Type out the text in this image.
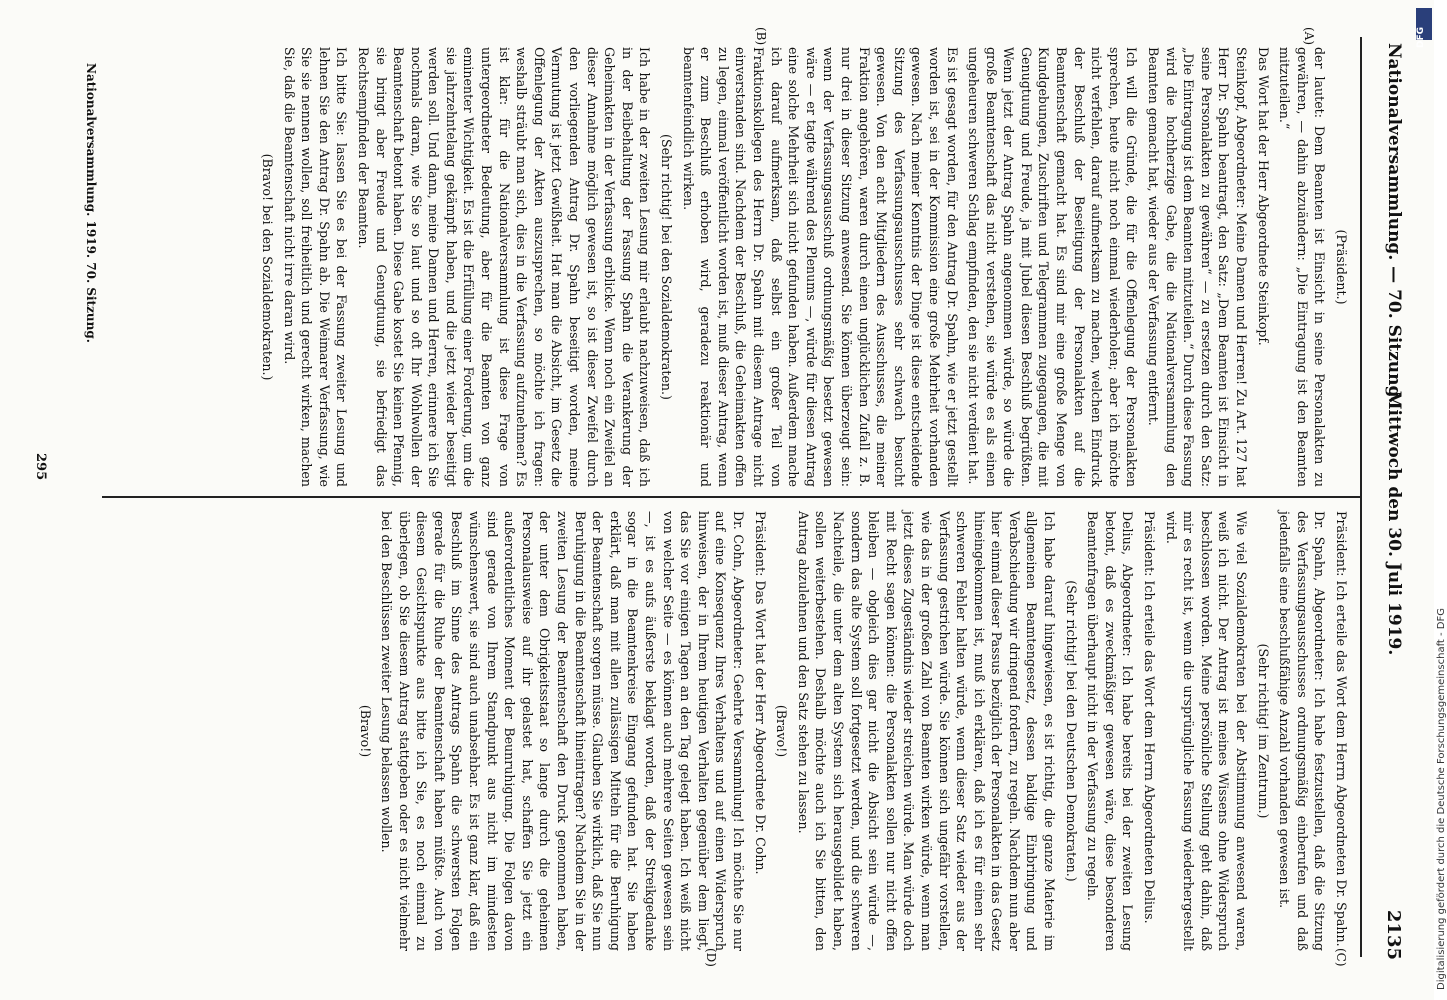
Nationalversammlung. — 70. Sitzung.
Mittwoch den 30. Juli 1919.
2135
(A)
(B)
(C)
(D)

(Präsident.)

der lautet: Dem Beamten ist Einsicht in seine Personalakten zu gewähren, — dahin abzuändern: „Die Eintragung ist den Beamten mitzuteilen.“

Das Wort hat der Herr Abgeordnete Steinkopf.

Steinkopf, Abgeordneter: Meine Damen und Herren! Zu Art. 127 hat Herr Dr. Spahn beantragt, den Satz: „Dem Beamten ist Einsicht in seine Personalakten zu gewähren“ — zu ersetzen durch den Satz: „Die Eintragung ist dem Beamten mitzuteilen.“ Durch diese Fassung wird die hochherzige Gabe, die die Nationalversammlung den Beamten gemacht hat, wieder aus der Verfassung entfernt.

Ich will die Gründe, die für die Offenlegung der Personalakten sprechen, heute nicht noch einmal wiederholen; aber ich möchte nicht verfehlen, darauf aufmerksam zu machen, welchen Eindruck der Beschluß der Beseitigung der Personalakten auf die Beamtenschaft gemacht hat. Es sind mir eine große Menge von Kundgebungen, Zuschriften und Telegrammen zugegangen, die mit Genugtuung und Freude, ja mit Jubel diesen Beschluß begrüßten. Wenn jetzt der Antrag Spahn angenommen würde, so würde die große Beamtenschaft das nicht verstehen, sie würde es als einen ungeheuren schweren Schlag empfinden, den sie nicht verdient hat.

Es ist gesagt worden, für den Antrag Dr. Spahn, wie er jetzt gestellt worden ist, sei in der Kommission eine große Mehrheit vorhanden gewesen. Nach meiner Kenntnis der Dinge ist diese entscheidende Sitzung des Verfassungsausschusses sehr schwach besucht gewesen. Von den acht Mitgliedern des Ausschusses, die meiner Fraktion angehören, waren durch einen unglücklichen Zufall z. B. nur drei in dieser Sitzung anwesend. Sie können überzeugt sein: wenn der Verfassungsausschuß ordnungsmäßig besetzt gewesen wäre — er tagte während des Plenums —, würde für diesen Antrag eine solche Mehrheit sich nicht gefunden haben. Außerdem mache ich darauf aufmerksam, daß selbst ein großer Teil von Fraktionskollegen des Herrn Dr. Spahn mit diesem Antrage nicht einverstanden sind. Nachdem der Beschluß, die Geheimakten offen zu legen, einmal veröffentlicht worden ist, muß dieser Antrag, wenn er zum Beschluß erhoben wird, geradezu reaktionär und beamtenfeindlich wirken.

(Sehr richtig! bei den Sozialdemokraten.)

Ich habe in der zweiten Lesung mir erlaubt nachzuweisen, daß ich in der Beibehaltung der Fassung Spahn die Verankerung der Geheimakten in der Verfassung erblicke. Wenn noch ein Zweifel an dieser Annahme möglich gewesen ist, so ist dieser Zweifel durch den vorliegenden Antrag Dr. Spahn beseitigt worden, meine Vermutung ist jetzt Gewißheit. Hat man die Absicht, im Gesetz die Offenlegung der Akten auszusprechen, so möchte ich fragen: weshalb sträubt man sich, dies in die Verfassung aufzunehmen? Es ist klar: für die Nationalversammlung ist diese Frage von untergeordneter Bedeutung, aber für die Beamten von ganz eminenter Wichtigkeit. Es ist die Erfüllung einer Forderung, um die sie jahrzehntelang gekämpft haben, und die jetzt wieder beseitigt werden soll. Und dann, meine Damen und Herren, erinnere ich Sie nochmals daran, wie Sie so laut und so oft Ihr Wohlwollen der Beamtenschaft betont haben. Diese Gabe kostet Sie keinen Pfennig, sie bringt aber Freude und Genugtuung, sie befriedigt das Rechtsempfinden der Beamten.

Ich bitte Sie: lassen Sie es bei der Fassung zweiter Lesung und lehnen Sie den Antrag Dr. Spahn ab. Die Weimarer Verfassung, wie Sie sie nennen wollen, soll freiheitlich und gerecht wirken, machen Sie, daß die Beamtenschaft nicht irre daran wird.

(Bravo! bei den Sozialdemokraten.)

Präsident: Ich erteile das Wort dem Herrn Abgeordneten Dr. Spahn.

Dr. Spahn, Abgeordneter: Ich habe festzustellen, daß die Sitzung des Verfassungsausschusses ordnungsmäßig einberufen und daß jedenfalls eine beschlußfähige Anzahl vorhanden gewesen ist.

(Sehr richtig! im Zentrum.)

Wie viel Sozialdemokraten bei der Abstimmung anwesend waren, weiß ich nicht. Der Antrag ist meines Wissens ohne Widerspruch beschlossen worden. Meine persönliche Stellung geht dahin, daß mir es recht ist, wenn die ursprüngliche Fassung wiederhergestellt wird.

Präsident: Ich erteile das Wort dem Herrn Abgeordneten Delius.

Delius, Abgeordneter: Ich habe bereits bei der zweiten Lesung betont, daß es zweckmäßiger gewesen wäre, diese besonderen Beamtenfragen überhaupt nicht in der Verfassung zu regeln.

(Sehr richtig! bei den Deutschen Demokraten.)

Ich habe darauf hingewiesen, es ist richtig, die ganze Materie im allgemeinen Beamtengesetz, dessen baldige Einbringung und Verabschiedung wir dringend fordern, zu regeln. Nachdem nun aber hier einmal dieser Passus bezüglich der Personalakten in das Gesetz hineingekommen ist, muß ich erklären, daß ich es für einen sehr schweren Fehler halten würde, wenn dieser Satz wieder aus der Verfassung gestrichen würde. Sie können sich ungefähr vorstellen, wie das in der großen Zahl von Beamten wirken würde, wenn man jetzt dieses Zugeständnis wieder streichen würde. Man würde doch mit Recht sagen können: die Personalakten sollen nur nicht offen bleiben — obgleich dies gar nicht die Absicht sein würde —, sondern das alte System soll fortgesetzt werden, und die schweren Nachteile, die unter dem alten System sich herausgebildet haben, sollen weiterbestehen. Deshalb möchte auch ich Sie bitten, den Antrag abzulehnen und den Satz stehen zu lassen.

(Bravo!)

Präsident: Das Wort hat der Herr Abgeordnete Dr. Cohn.

Dr. Cohn, Abgeordneter: Geehrte Versammlung! Ich möchte Sie nur auf eine Konsequenz Ihres Verhaltens und auf einen Widerspruch hinweisen, der in Ihrem heutigen Verhalten gegenüber dem liegt, das Sie vor einigen Tagen an den Tag gelegt haben. Ich weiß nicht von welcher Seite — es können auch mehrere Seiten gewesen sein —, ist es aufs äußerste beklagt worden, daß der Streikgedanke sogar in die Beamtenkreise Eingang gefunden hat. Sie haben erklärt, daß man mit allen zulässigen Mitteln für die Beruhigung der Beamtenschaft sorgen müsse. Glauben Sie wirklich, daß Sie nun Beruhigung in die Beamtenschaft hineintragen? Nachdem Sie in der zweiten Lesung der Beamtenschaft den Druck genommen haben, der unter dem Obrigkeitsstaat so lange durch die geheimen Personalausweise auf ihr gelastet hat, schaffen Sie jetzt ein außerordentliches Moment der Beunruhigung. Die Folgen davon sind gerade von Ihrem Standpunkt aus nicht im mindesten wünschenswert, sie sind auch unabsehbar. Es ist ganz klar, daß ein Beschluß im Sinne des Antrags Spahn die schwersten Folgen gerade für die Ruhe der Beamtenschaft haben müßte. Auch von diesem Gesichtspunkte aus bitte ich Sie, es noch einmal zu überlegen, ob Sie diesem Antrag stattgeben oder es nicht vielmehr bei den Beschlüssen zweiter Lesung belassen wollen.

(Bravo!)

Nationalversammlung. 1919. 70. Sitzung.
295
DFG
Digitalisierung gefördert durch die Deutsche Forschungsgemeinschaft - DFG
